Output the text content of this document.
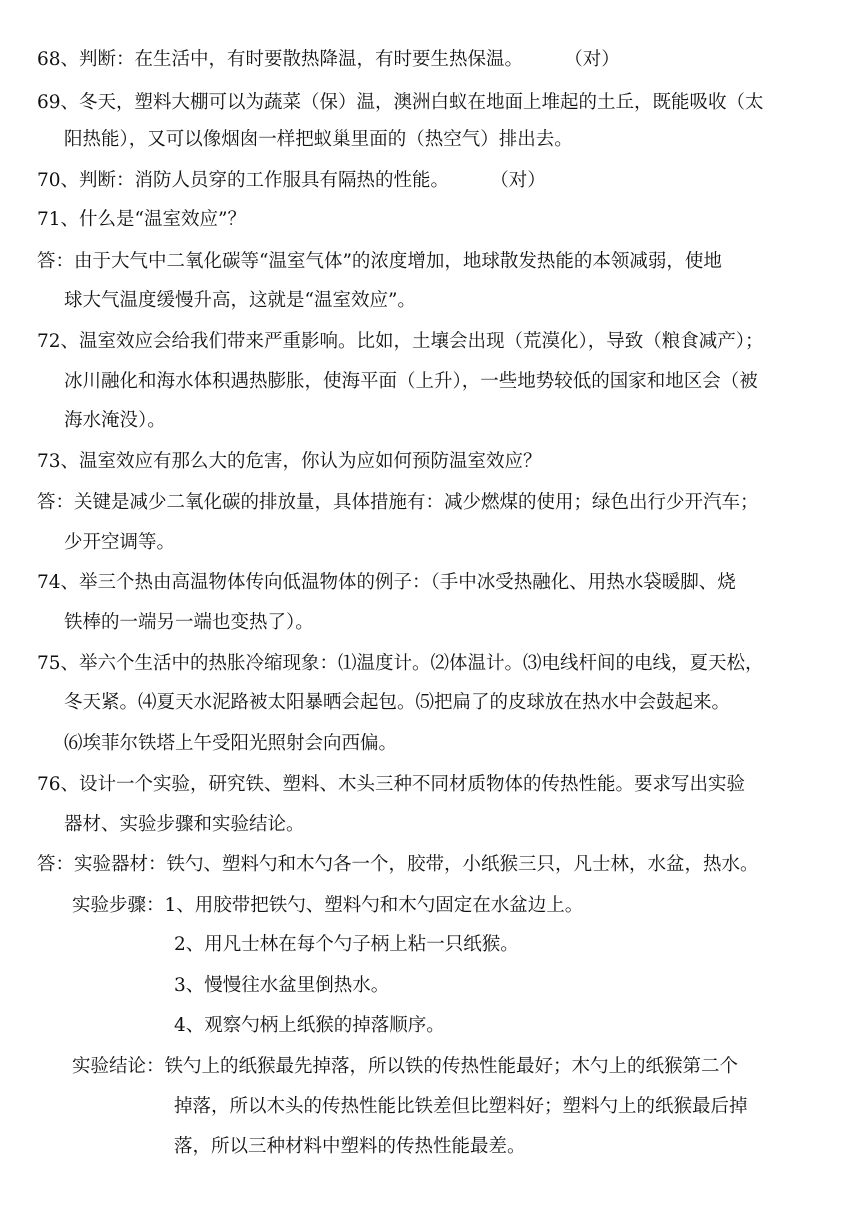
68、判断：在生活中，有时要散热降温，有时要生热保温。       （对）
69、冬天，塑料大棚可以为蔬菜（保）温，澳洲白蚁在地面上堆起的土丘，既能吸收（太
阳热能），又可以像烟囱一样把蚁巢里面的（热空气）排出去。
70、判断：消防人员穿的工作服具有隔热的性能。       （对）
71、什么是“温室效应”？
答：由于大气中二氧化碳等“温室气体”的浓度增加，地球散发热能的本领减弱，使地
球大气温度缓慢升高，这就是“温室效应”。
72、温室效应会给我们带来严重影响。比如，土壤会出现（荒漠化），导致（粮食减产）；
冰川融化和海水体积遇热膨胀，使海平面（上升），一些地势较低的国家和地区会（被
海水淹没）。
73、温室效应有那么大的危害，你认为应如何预防温室效应？
答：关键是减少二氧化碳的排放量，具体措施有：减少燃煤的使用；绿色出行少开汽车；
少开空调等。
74、举三个热由高温物体传向低温物体的例子：（手中冰受热融化、用热水袋暖脚、烧
铁棒的一端另一端也变热了）。
75、举六个生活中的热胀冷缩现象：⑴温度计。⑵体温计。⑶电线杆间的电线，夏天松，
冬天紧。⑷夏天水泥路被太阳暴晒会起包。⑸把扁了的皮球放在热水中会鼓起来。
⑹埃菲尔铁塔上午受阳光照射会向西偏。
76、设计一个实验，研究铁、塑料、木头三种不同材质物体的传热性能。要求写出实验
器材、实验步骤和实验结论。
答：实验器材：铁勺、塑料勺和木勺各一个，胶带，小纸猴三只，凡士林，水盆，热水。
实验步骤：1、用胶带把铁勺、塑料勺和木勺固定在水盆边上。
2、用凡士林在每个勺子柄上粘一只纸猴。
3、慢慢往水盆里倒热水。
4、观察勺柄上纸猴的掉落顺序。
实验结论：铁勺上的纸猴最先掉落，所以铁的传热性能最好；木勺上的纸猴第二个
掉落，所以木头的传热性能比铁差但比塑料好；塑料勺上的纸猴最后掉
落，所以三种材料中塑料的传热性能最差。
